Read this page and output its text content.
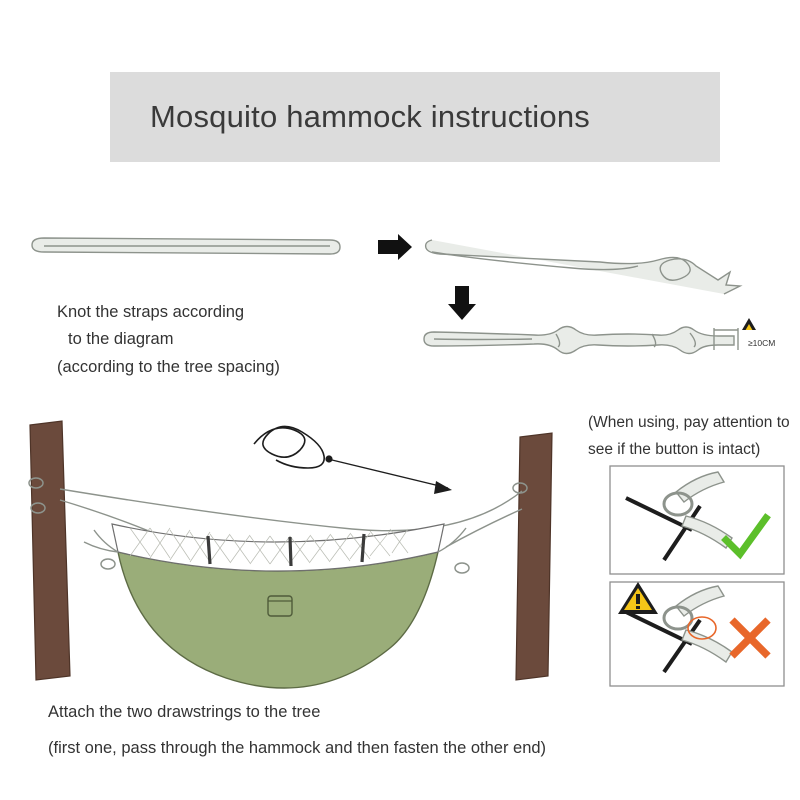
Mosquito hammock instructions
Knot the straps according
to the diagram
(according to the tree spacing)
≥10CM
(When using, pay attention to
see if the button is intact)
Attach the two drawstrings to the tree
(first one, pass through the hammock and then fasten the other end)
